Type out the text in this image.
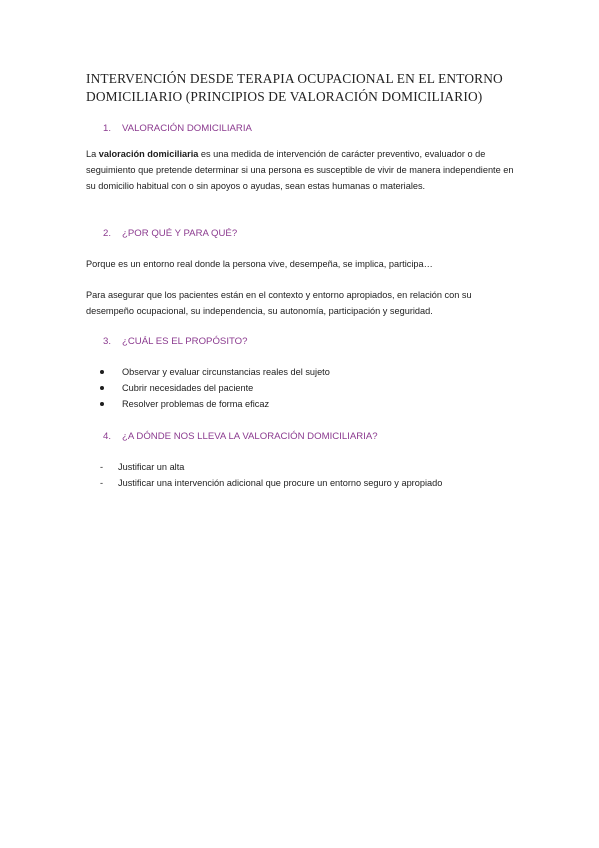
INTERVENCIÓN DESDE TERAPIA OCUPACIONAL EN EL ENTORNO DOMICILIARIO (PRINCIPIOS DE VALORACIÓN DOMICILIARIO)
1. VALORACIÓN DOMICILIARIA

La valoración domiciliaria es una medida de intervención de carácter preventivo, evaluador o de seguimiento que pretende determinar si una persona es susceptible de vivir de manera independiente en su domicilio habitual con o sin apoyos o ayudas, sean estas humanas o materiales.

2. ¿POR QUÉ Y PARA QUÉ?

Porque es un entorno real donde la persona vive, desempeña, se implica, participa…

Para asegurar que los pacientes están en el contexto y entorno apropiados, en relación con su desempeño ocupacional, su independencia, su autonomía, participación y seguridad.

3. ¿CUÁL ES EL PROPÓSITO?
Observar y evaluar circunstancias reales del sujeto
Cubrir necesidades del paciente
Resolver problemas de forma eficaz
4. ¿A DÓNDE NOS LLEVA LA VALORACIÓN DOMICILIARIA?
- Justificar un alta
- Justificar una intervención adicional que procure un entorno seguro y apropiado
